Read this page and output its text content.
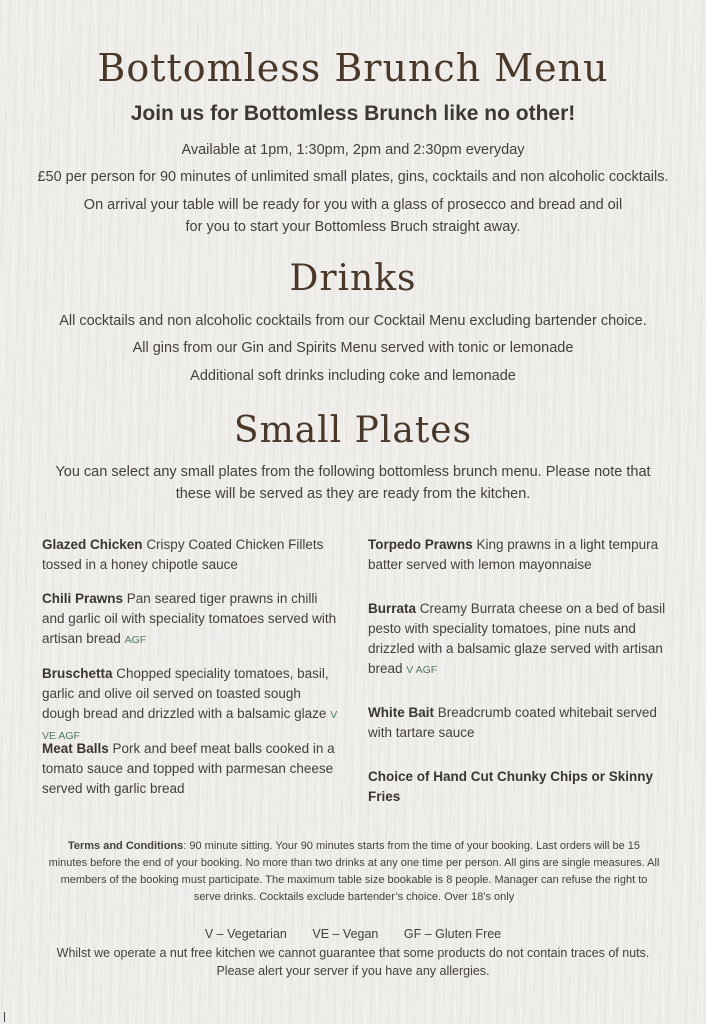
Bottomless Brunch Menu
Join us for Bottomless Brunch like no other!
Available at 1pm, 1:30pm, 2pm and 2:30pm everyday
£50 per person for 90 minutes of unlimited small plates, gins, cocktails and non alcoholic cocktails.
On arrival your table will be ready for you with a glass of prosecco and bread and oil
for you to start your Bottomless Bruch straight away.
Drinks
All cocktails and non alcoholic cocktails from our Cocktail Menu excluding bartender choice.
All gins from our Gin and Spirits Menu served with tonic or lemonade
Additional soft drinks including coke and lemonade
Small Plates
You can select any small plates from the following bottomless brunch menu. Please note that
these will be served as they are ready from the kitchen.
Glazed Chicken Crispy Coated Chicken Fillets tossed in a honey chipotle sauce
Chili Prawns Pan seared tiger prawns in chilli and garlic oil with speciality tomatoes served with artisan bread AGF
Bruschetta Chopped speciality tomatoes, basil, garlic and olive oil served on toasted sough dough bread and drizzled with a balsamic glaze V VE AGF
Meat Balls Pork and beef meat balls cooked in a tomato sauce and topped with parmesan cheese served with garlic bread
Torpedo Prawns King prawns in a light tempura batter served with lemon mayonnaise
Burrata Creamy Burrata cheese on a bed of basil pesto with speciality tomatoes, pine nuts and drizzled with a balsamic glaze served with artisan bread V AGF
White Bait Breadcrumb coated whitebait served with tartare sauce
Choice of Hand Cut Chunky Chips or Skinny Fries
Terms and Conditions: 90 minute sitting. Your 90 minutes starts from the time of your booking. Last orders will be 15 minutes before the end of your booking. No more than two drinks at any one time per person. All gins are single measures. All members of the booking must participate. The maximum table size bookable is 8 people. Manager can refuse the right to serve drinks. Cocktails exclude bartender’s choice. Over 18’s only
V – Vegetarian VE – Vegan GF – Gluten Free
Whilst we operate a nut free kitchen we cannot guarantee that some products do not contain traces of nuts.
Please alert your server if you have any allergies.
